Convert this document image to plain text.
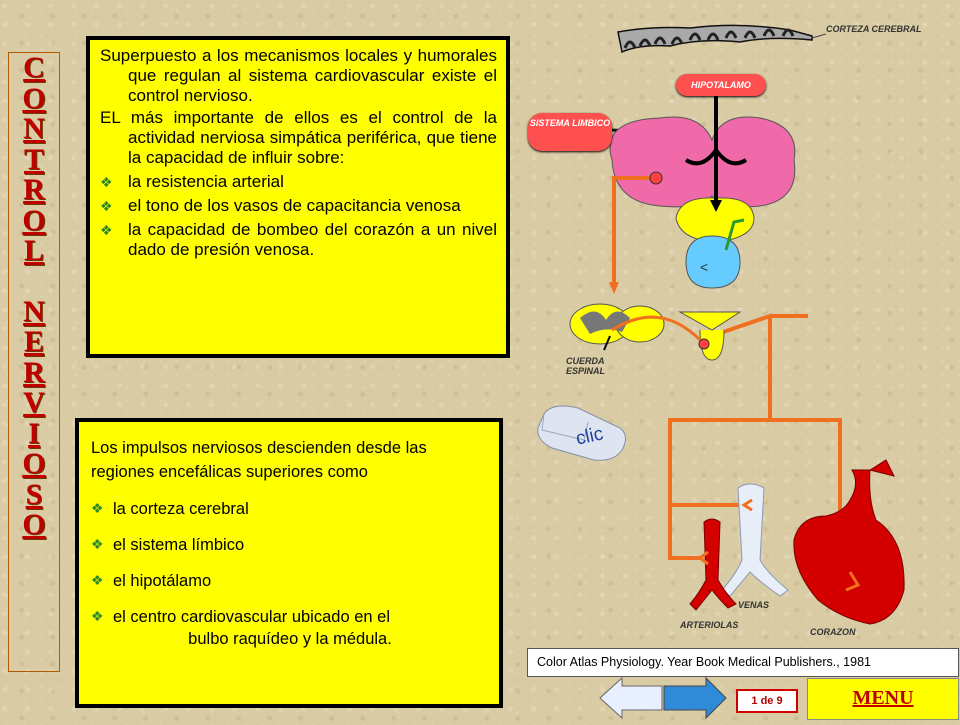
C
O
N
T
R
O
L
N
E
R
V
I
O
S
O

Superpuesto a los mecanismos locales y humorales que regulan al sistema cardiovascular existe el control nervioso.

EL más importante de ellos es el control de la actividad nerviosa simpática periférica, que tiene la capacidad de influir sobre:

❖ la resistencia arterial
❖ el tono de los vasos de capacitancia venosa
❖ la capacidad de bombeo del corazón a un nivel dado de presión venosa.

Los impulsos nerviosos descienden desde las regiones encefálicas superiores como

❖ la corteza cerebral
❖ el sistema límbico
❖ el hipotálamo
❖ el centro cardiovascular ubicado en el
bulbo raquídeo y la médula.
<
CORTEZA CEREBRAL
HIPOTALAMO
SISTEMA LIMBICO
CUERDA ESPINAL
VENAS
ARTERIOLAS
CORAZON
clic
Color Atlas Physiology. Year Book Medical Publishers., 1981
1 de 9	MENU
